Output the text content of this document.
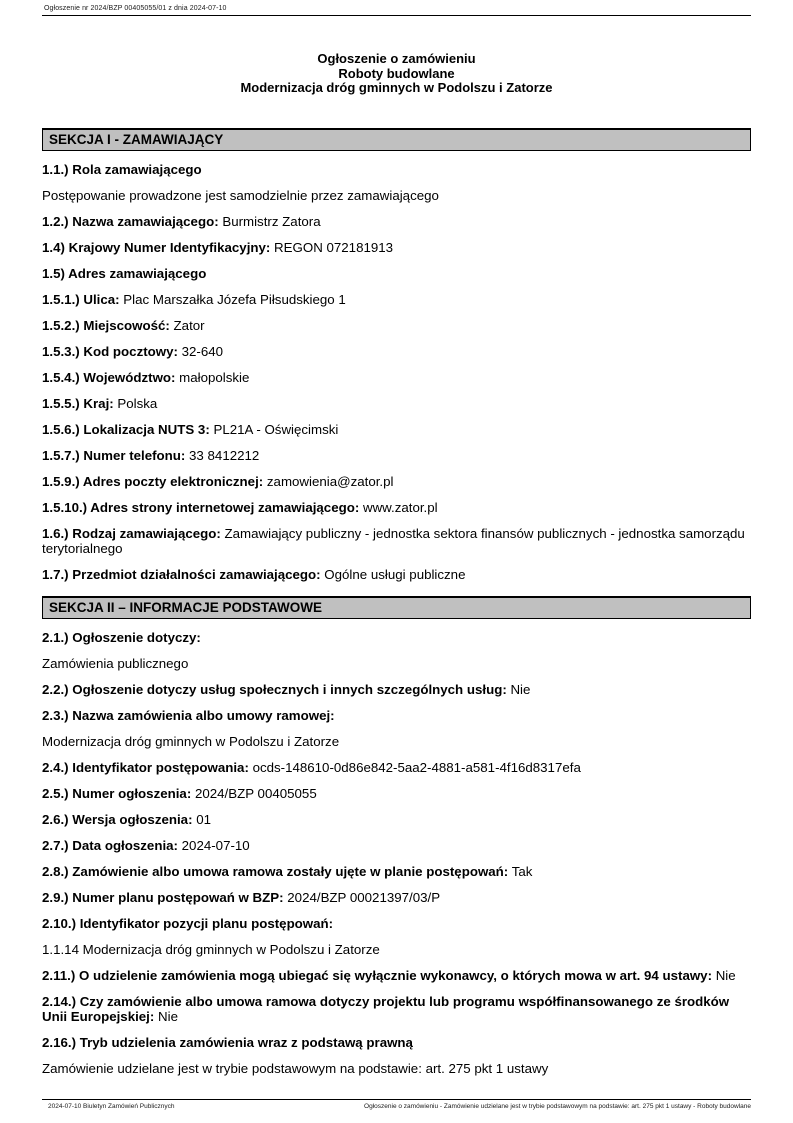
Ogłoszenie nr 2024/BZP 00405055/01 z dnia 2024-07-10
Ogłoszenie o zamówieniu
Roboty budowlane
Modernizacja dróg gminnych w Podolszu i Zatorze
SEKCJA I - ZAMAWIAJĄCY

1.1.) Rola zamawiającego

Postępowanie prowadzone jest samodzielnie przez zamawiającego

1.2.) Nazwa zamawiającego: Burmistrz Zatora

1.4) Krajowy Numer Identyfikacyjny: REGON 072181913

1.5) Adres zamawiającego

1.5.1.) Ulica: Plac Marszałka Józefa Piłsudskiego 1

1.5.2.) Miejscowość: Zator

1.5.3.) Kod pocztowy: 32-640

1.5.4.) Województwo: małopolskie

1.5.5.) Kraj: Polska

1.5.6.) Lokalizacja NUTS 3: PL21A - Oświęcimski

1.5.7.) Numer telefonu: 33 8412212

1.5.9.) Adres poczty elektronicznej: zamowienia@zator.pl

1.5.10.) Adres strony internetowej zamawiającego: www.zator.pl

1.6.) Rodzaj zamawiającego: Zamawiający publiczny - jednostka sektora finansów publicznych - jednostka samorządu terytorialnego

1.7.) Przedmiot działalności zamawiającego: Ogólne usługi publiczne

SEKCJA II – INFORMACJE PODSTAWOWE

2.1.) Ogłoszenie dotyczy:

Zamówienia publicznego

2.2.) Ogłoszenie dotyczy usług społecznych i innych szczególnych usług: Nie

2.3.) Nazwa zamówienia albo umowy ramowej:

Modernizacja dróg gminnych w Podolszu i Zatorze

2.4.) Identyfikator postępowania: ocds-148610-0d86e842-5aa2-4881-a581-4f16d8317efa

2.5.) Numer ogłoszenia: 2024/BZP 00405055

2.6.) Wersja ogłoszenia: 01

2.7.) Data ogłoszenia: 2024-07-10

2.8.) Zamówienie albo umowa ramowa zostały ujęte w planie postępowań: Tak

2.9.) Numer planu postępowań w BZP: 2024/BZP 00021397/03/P

2.10.) Identyfikator pozycji planu postępowań:

1.1.14 Modernizacja dróg gminnych w Podolszu i Zatorze

2.11.) O udzielenie zamówienia mogą ubiegać się wyłącznie wykonawcy, o których mowa w art. 94 ustawy: Nie

2.14.) Czy zamówienie albo umowa ramowa dotyczy projektu lub programu współfinansowanego ze środków Unii Europejskiej: Nie

2.16.) Tryb udzielenia zamówienia wraz z podstawą prawną

Zamówienie udzielane jest w trybie podstawowym na podstawie: art. 275 pkt 1 ustawy

2024-07-10 Biuletyn Zamówień Publicznych	Ogłoszenie o zamówieniu - Zamówienie udzielane jest w trybie podstawowym na podstawie: art. 275 pkt 1 ustawy - Roboty budowlane
